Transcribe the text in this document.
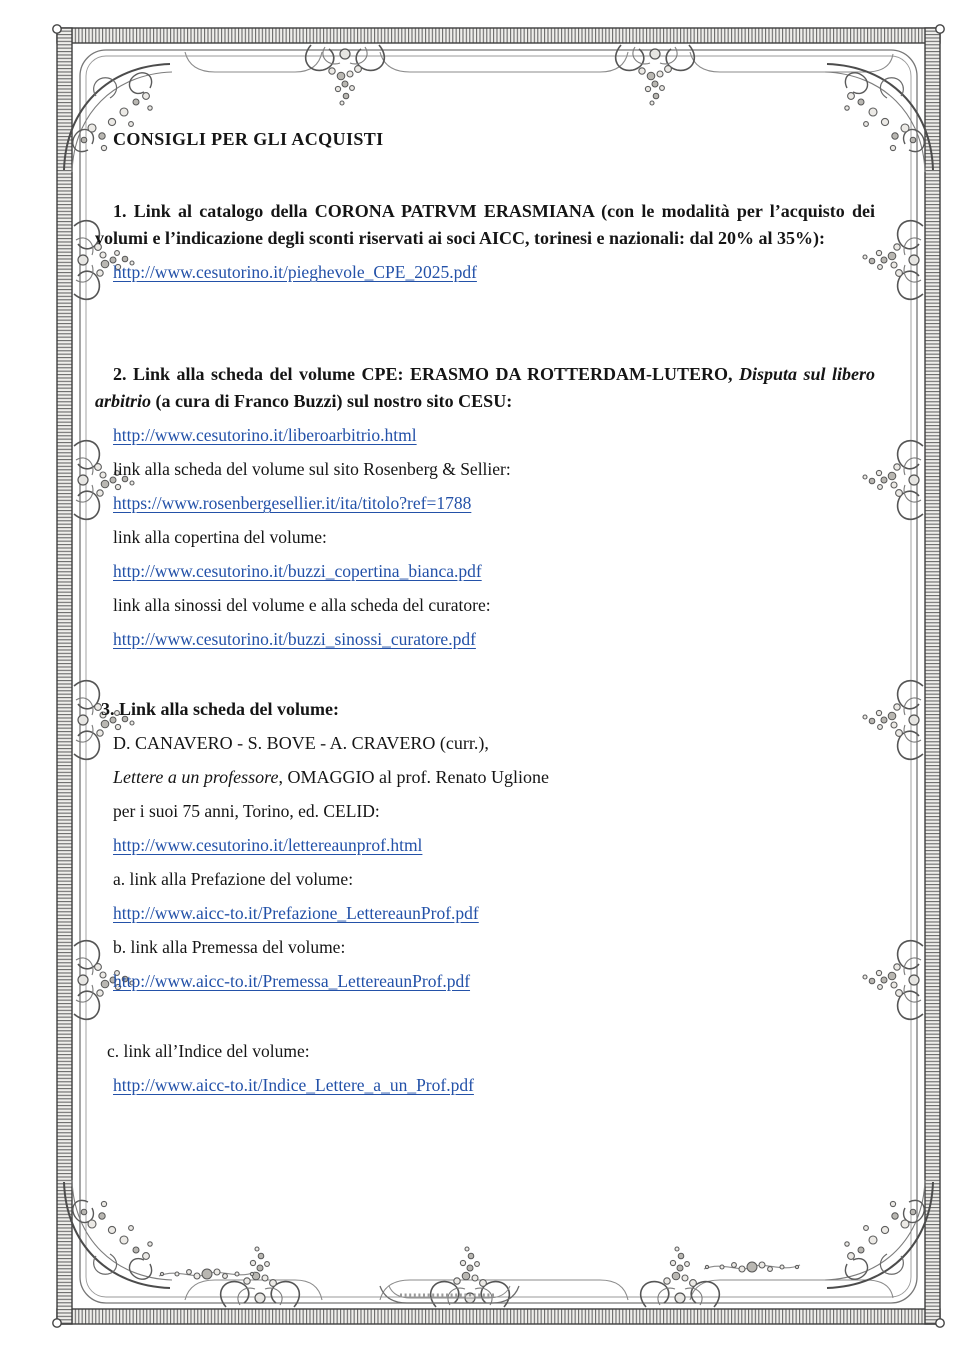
CONSIGLI PER GLI ACQUISTI

1. Link al catalogo della CORONA PATRVM ERASMIANA (con le modalità per l’acquisto dei volumi e l’indicazione degli sconti riservati ai soci AICC, torinesi e nazionali: dal 20% al 35%):

http://www.cesutorino.it/pieghevole_CPE_2025.pdf

2. Link alla scheda del volume CPE: ERASMO DA ROTTERDAM-LUTERO, Disputa sul libero arbitrio (a cura di Franco Buzzi) sul nostro sito CESU:

http://www.cesutorino.it/liberoarbitrio.html

link alla scheda del volume sul sito Rosenberg & Sellier:

https://www.rosenbergesellier.it/ita/titolo?ref=1788

link alla copertina del volume:

http://www.cesutorino.it/buzzi_copertina_bianca.pdf

link alla sinossi del volume e alla scheda del curatore:

http://www.cesutorino.it/buzzi_sinossi_curatore.pdf

3. Link alla scheda del volume:

D. CANAVERO - S. BOVE - A. CRAVERO (curr.),

Lettere a un professore, OMAGGIO al prof. Renato Uglione

per i suoi 75 anni, Torino, ed. CELID:

http://www.cesutorino.it/lettereaunprof.html

a. link alla Prefazione del volume:

http://www.aicc-to.it/Prefazione_LettereaunProf.pdf

b. link alla Premessa del volume:

http://www.aicc-to.it/Premessa_LettereaunProf.pdf

c. link all’Indice del volume:

http://www.aicc-to.it/Indice_Lettere_a_un_Prof.pdf
